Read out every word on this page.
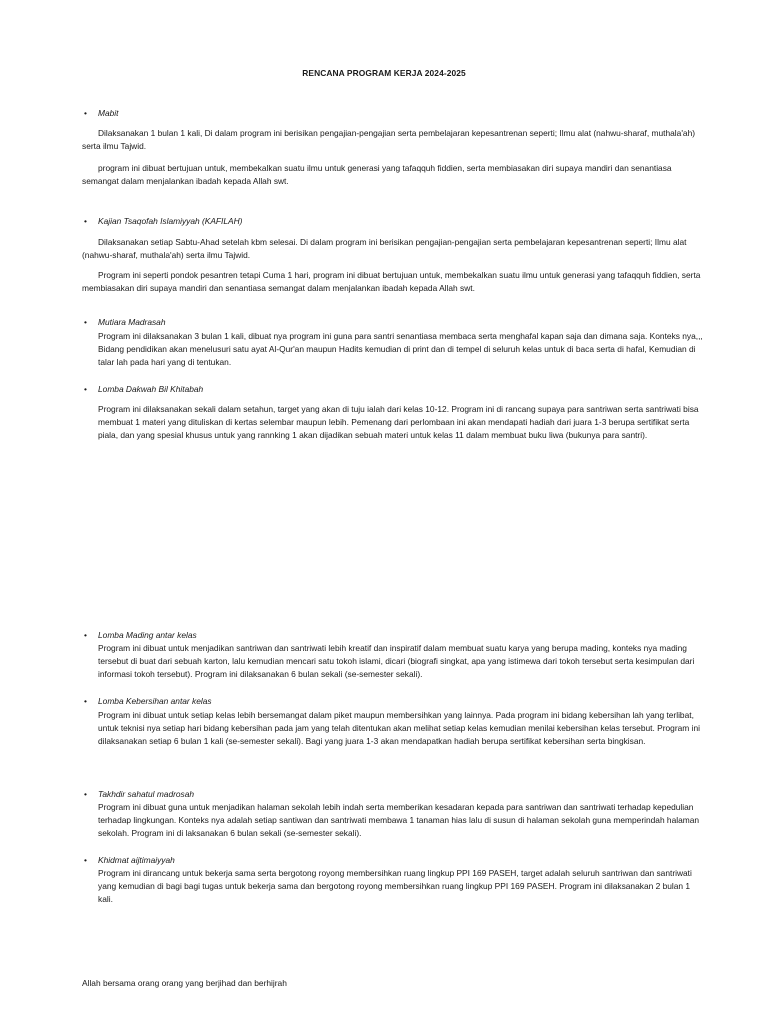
RENCANA PROGRAM KERJA 2024-2025
• Mabit

Dilaksanakan 1 bulan 1 kali, Di dalam program ini berisikan pengajian-pengajian serta pembelajaran kepesantrenan seperti; Ilmu alat (nahwu-sharaf, muthala'ah) serta ilmu Tajwid.

program ini dibuat bertujuan untuk, membekalkan suatu ilmu untuk generasi yang tafaqquh fiddien, serta membiasakan diri supaya mandiri dan senantiasa semangat dalam menjalankan ibadah kepada Allah swt.

• Kajian Tsaqofah Islamiyyah (KAFILAH)

Dilaksanakan setiap Sabtu-Ahad setelah kbm selesai. Di dalam program ini berisikan pengajian-pengajian serta pembelajaran kepesantrenan seperti; Ilmu alat (nahwu-sharaf, muthala'ah) serta ilmu Tajwid.

Program ini seperti pondok pesantren tetapi Cuma 1 hari, program ini dibuat bertujuan untuk, membekalkan suatu ilmu untuk generasi yang tafaqquh fiddien, serta membiasakan diri supaya mandiri dan senantiasa semangat dalam menjalankan ibadah kepada Allah swt.

• Mutiara Madrasah

Program ini dilaksanakan 3 bulan 1 kali, dibuat nya program ini guna para santri senantiasa membaca serta menghafal kapan saja dan dimana saja. Konteks nya,,, Bidang pendidikan akan menelusuri satu ayat Al-Qur'an maupun Hadits kemudian di print dan di tempel di seluruh kelas untuk di baca serta di hafal, Kemudian di talar lah pada hari yang di tentukan.

• Lomba Dakwah Bil Khitabah

Program ini dilaksanakan sekali dalam setahun, target yang akan di tuju ialah dari kelas 10-12. Program ini di rancang supaya para santriwan serta santriwati bisa membuat 1 materi yang dituliskan di kertas selembar maupun lebih. Pemenang dari perlombaan ini akan mendapati hadiah dari juara 1-3 berupa sertifikat serta piala, dan yang spesial khusus untuk yang rannking 1 akan dijadikan sebuah materi untuk kelas 11 dalam membuat buku liwa (bukunya para santri).

• Lomba Mading antar kelas

Program ini dibuat untuk menjadikan santriwan dan santriwati lebih kreatif dan inspiratif dalam membuat suatu karya yang berupa mading, konteks nya mading tersebut di buat dari sebuah karton, lalu kemudian mencari satu tokoh islami, dicari (biografi singkat, apa yang istimewa dari tokoh tersebut serta kesimpulan dari informasi tokoh tersebut). Program ini dilaksanakan 6 bulan sekali (se-semester sekali).

• Lomba Kebersihan antar kelas

Program ini dibuat untuk setiap kelas lebih bersemangat dalam piket maupun membersihkan yang lainnya. Pada program ini bidang kebersihan lah yang terlibat, untuk teknisi nya setiap hari bidang kebersihan pada jam yang telah ditentukan akan melihat setiap kelas kemudian menilai kebersihan kelas tersebut. Program ini dilaksanakan setiap 6 bulan 1 kali (se-semester sekali). Bagi yang juara 1-3 akan mendapatkan hadiah berupa sertifikat kebersihan serta bingkisan.

• Takhdir sahatul madrosah

Program ini dibuat guna untuk menjadikan halaman sekolah lebih indah serta memberikan kesadaran kepada para santriwan dan santriwati terhadap kepedulian terhadap lingkungan. Konteks nya adalah setiap santiwan dan santriwati membawa 1 tanaman hias lalu di susun di halaman sekolah guna memperindah halaman sekolah. Program ini di laksanakan 6 bulan sekali (se-semester sekali).

• Khidmat aijtimaiyyah

Program ini dirancang untuk bekerja sama serta bergotong royong membersihkan ruang lingkup PPI 169 PASEH, target adalah seluruh santriwan dan santriwati yang kemudian di bagi bagi tugas untuk bekerja sama dan bergotong royong membersihkan ruang lingkup PPI 169 PASEH. Program ini dilaksanakan 2 bulan 1 kali.

Allah bersama orang orang yang berjihad dan berhijrah
